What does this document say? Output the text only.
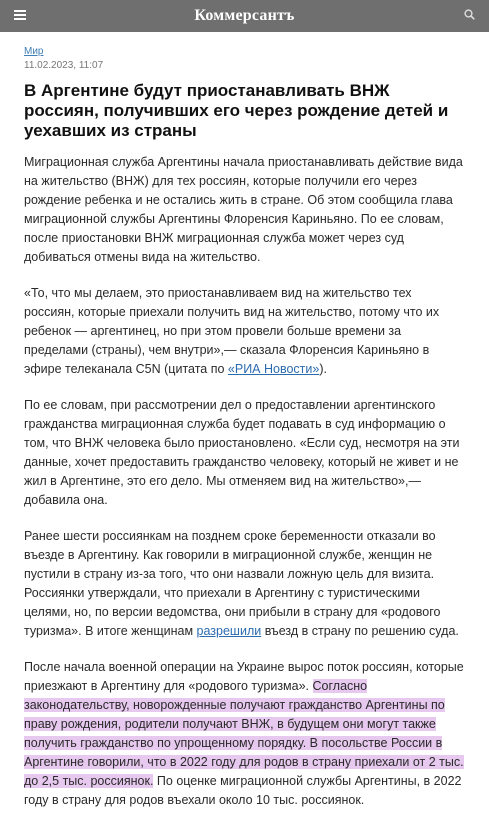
Коммерсантъ
Мир
11.02.2023, 11:07
В Аргентине будут приостанавливать ВНЖ россиян, получивших его через рождение детей и уехавших из страны

Миграционная служба Аргентины начала приостанавливать действие вида на жительство (ВНЖ) для тех россиян, которые получили его через рождение ребенка и не остались жить в стране. Об этом сообщила глава миграционной службы Аргентины Флоренсия Кариньяно. По ее словам, после приостановки ВНЖ миграционная служба может через суд добиваться отмены вида на жительство.

«То, что мы делаем, это приостанавливаем вид на жительство тех россиян, которые приехали получить вид на жительство, потому что их ребенок — аргентинец, но при этом провели больше времени за пределами (страны), чем внутри»,— сказала Флоренсия Кариньяно в эфире телеканала C5N (цитата по «РИА Новости»).

По ее словам, при рассмотрении дел о предоставлении аргентинского гражданства миграционная служба будет подавать в суд информацию о том, что ВНЖ человека было приостановлено. «Если суд, несмотря на эти данные, хочет предоставить гражданство человеку, который не живет и не жил в Аргентине, это его дело. Мы отменяем вид на жительство»,— добавила она.

Ранее шести россиянкам на позднем сроке беременности отказали во въезде в Аргентину. Как говорили в миграционной службе, женщин не пустили в страну из-за того, что они назвали ложную цель для визита. Россиянки утверждали, что приехали в Аргентину с туристическими целями, но, по версии ведомства, они прибыли в страну для «родового туризма». В итоге женщинам разрешили въезд в страну по решению суда.

После начала военной операции на Украине вырос поток россиян, которые приезжают в Аргентину для «родового туризма». Согласно законодательству, новорожденные получают гражданство Аргентины по праву рождения, родители получают ВНЖ, в будущем они могут также получить гражданство по упрощенному порядку. В посольстве России в Аргентине говорили, что в 2022 году для родов в страну приехали от 2 тыс. до 2,5 тыс. россиянок. По оценке миграционной службы Аргентины, в 2022 году в страну для родов въехали около 10 тыс. россиянок.
